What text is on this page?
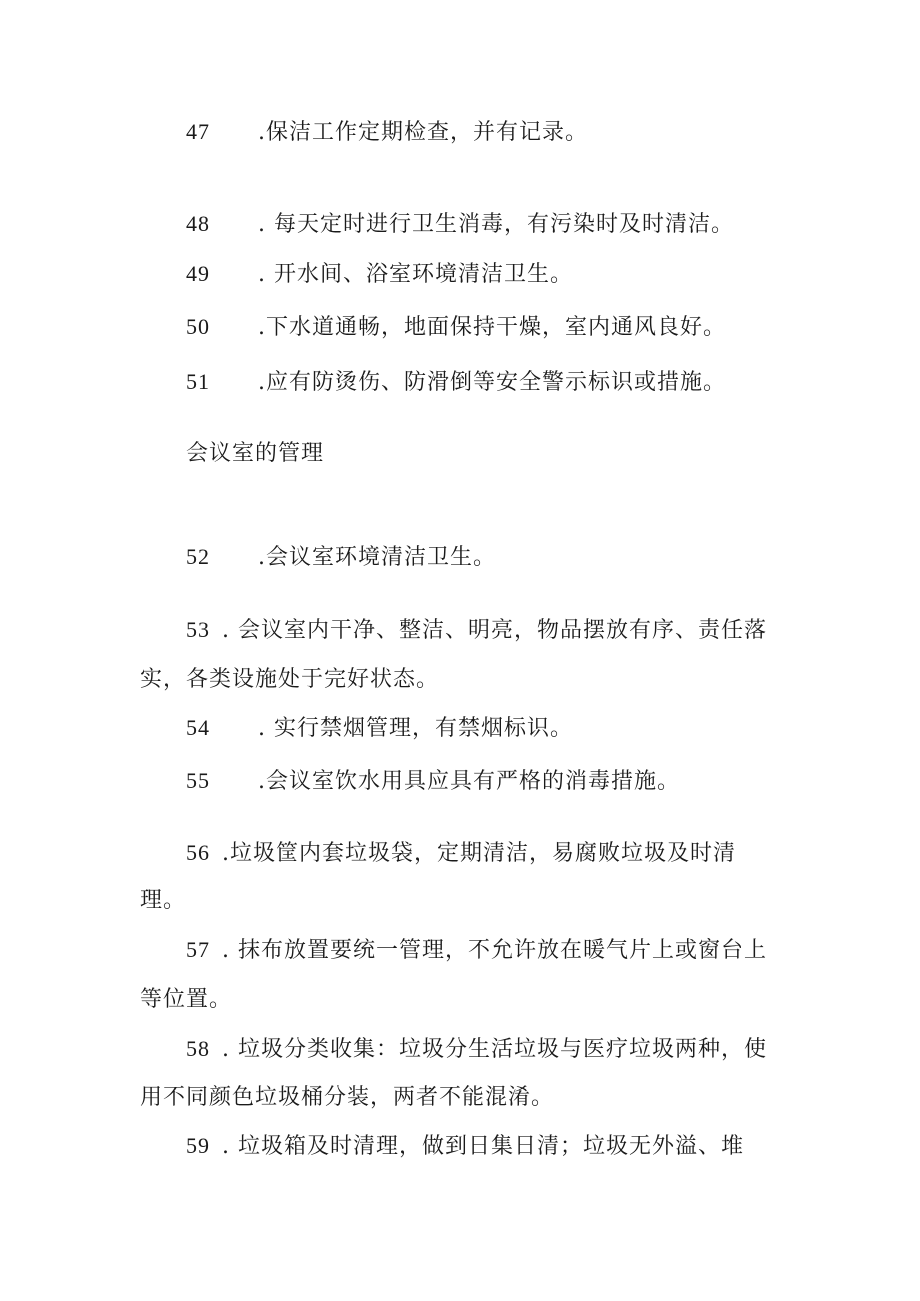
47 .保洁工作定期检查，并有记录。
48 . 每天定时进行卫生消毒，有污染时及时清洁。
49 . 开水间、浴室环境清洁卫生。
50 .下水道通畅，地面保持干燥，室内通风良好。
51 .应有防烫伤、防滑倒等安全警示标识或措施。
会议室的管理
52 .会议室环境清洁卫生。
53 . 会议室内干净、整洁、明亮，物品摆放有序、责任落
实，各类设施处于完好状态。
54 . 实行禁烟管理，有禁烟标识。
55 .会议室饮水用具应具有严格的消毒措施。
56 .垃圾筐内套垃圾袋，定期清洁，易腐败垃圾及时清
理。
57 . 抹布放置要统一管理，不允许放在暖气片上或窗台上
等位置。
58 . 垃圾分类收集：垃圾分生活垃圾与医疗垃圾两种，使
用不同颜色垃圾桶分装，两者不能混淆。
59 . 垃圾箱及时清理，做到日集日清；垃圾无外溢、堆
